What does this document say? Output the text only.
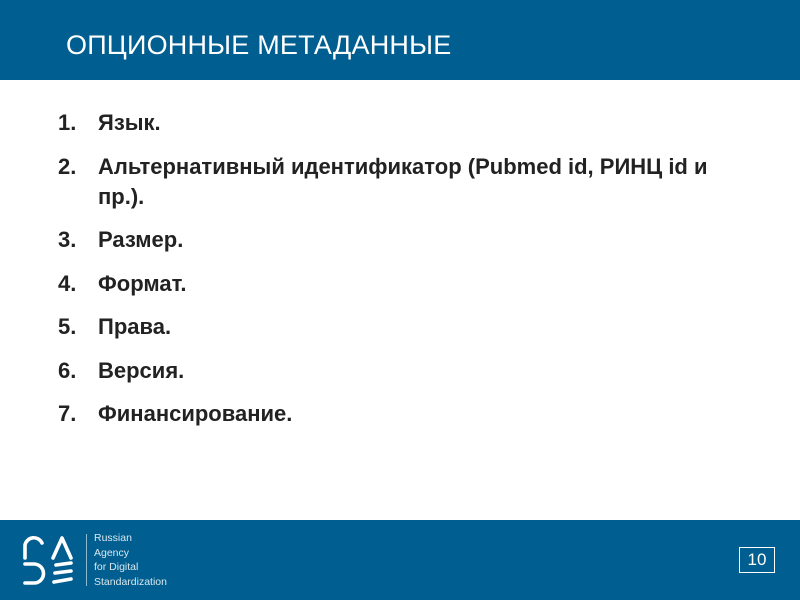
ОПЦИОННЫЕ МЕТАДАННЫЕ
1. Язык.
2. Альтернативный идентификатор (Pubmed id, РИНЦ id и пр.).
3. Размер.
4. Формат.
5. Права.
6. Версия.
7. Финансирование.
Russian
Agency
for Digital
Standardization
10
